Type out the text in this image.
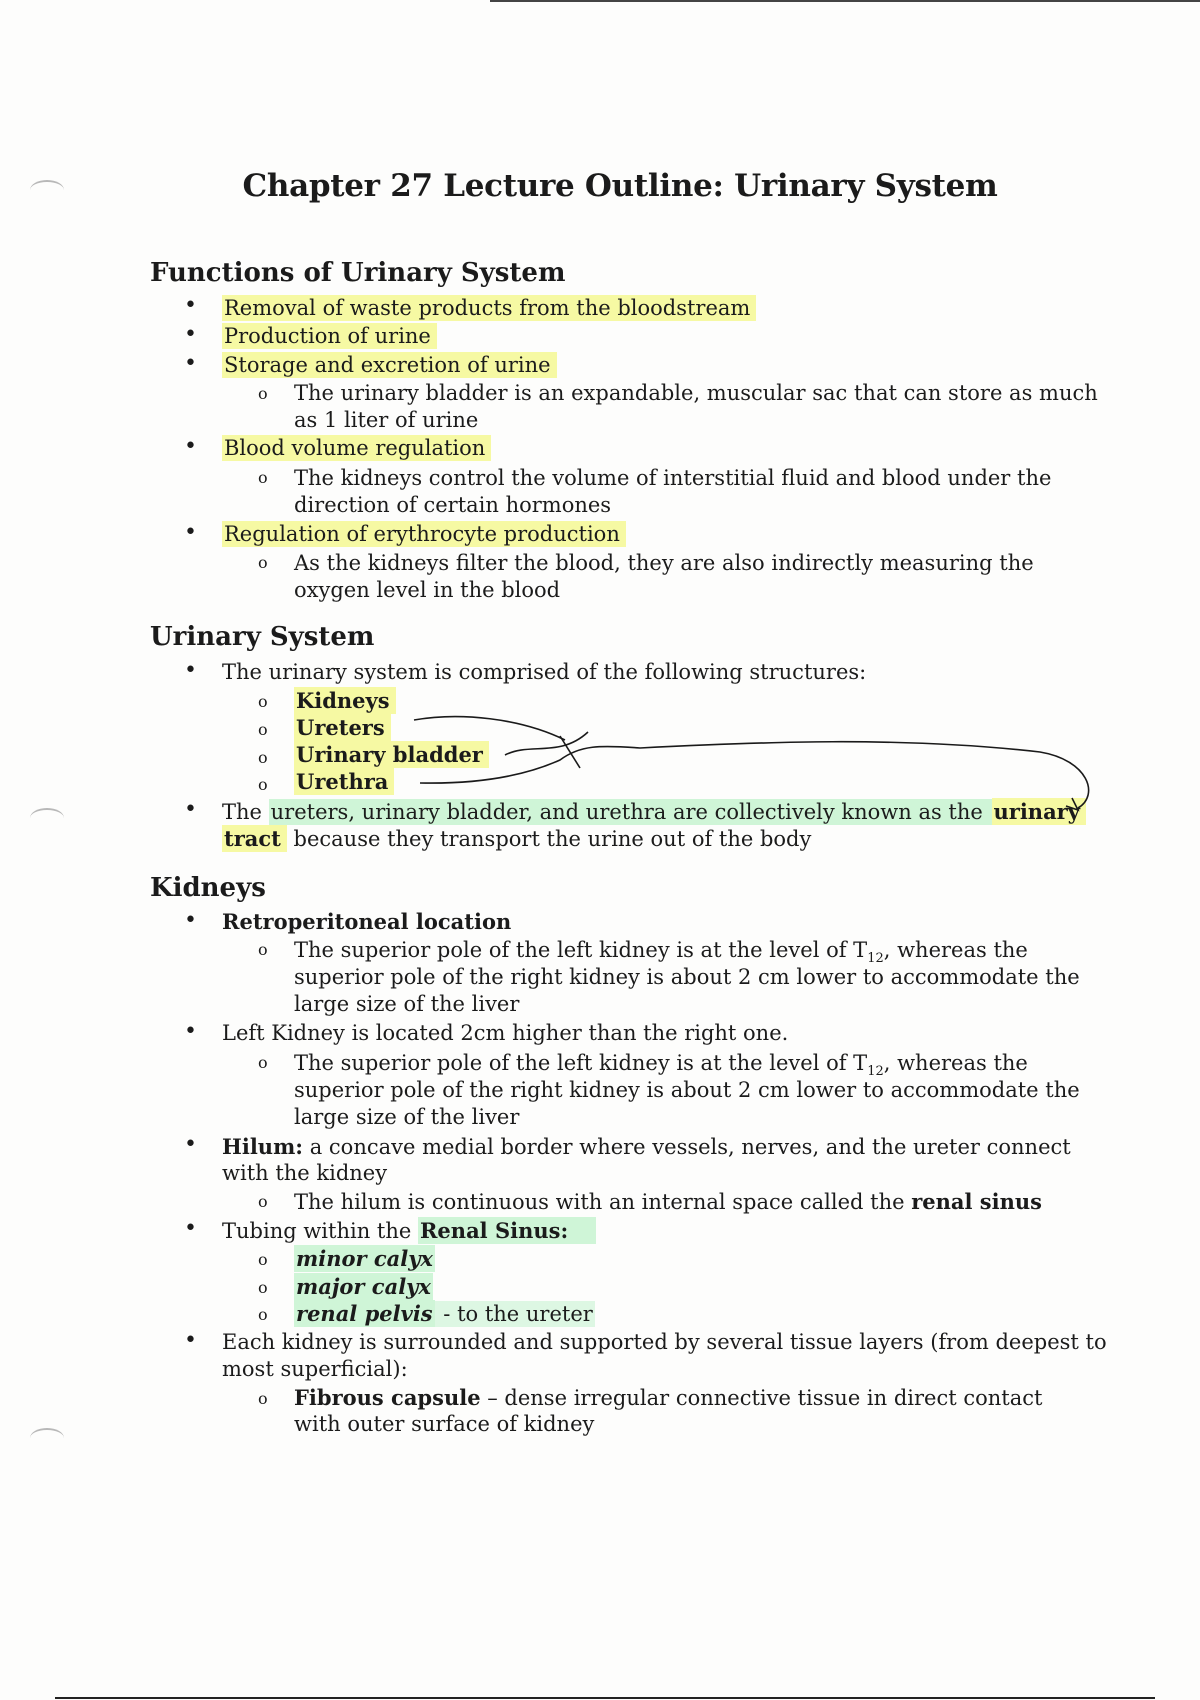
Chapter 27 Lecture Outline: Urinary System
Functions of Urinary System
• Removal of waste products from the bloodstream
• Production of urine
• Storage and excretion of urine
o The urinary bladder is an expandable, muscular sac that can store as much
as 1 liter of urine
• Blood volume regulation
o The kidneys control the volume of interstitial fluid and blood under the
direction of certain hormones
• Regulation of erythrocyte production
o As the kidneys filter the blood, they are also indirectly measuring the
oxygen level in the blood
Urinary System
• The urinary system is comprised of the following structures:
o Kidneys
o Ureters
o Urinary bladder
o Urethra
• The ureters, urinary bladder, and urethra are collectively known as the urinary
tract because they transport the urine out of the body
Kidneys
• Retroperitoneal location
o The superior pole of the left kidney is at the level of $T_{12}$, whereas the
superior pole of the right kidney is about 2 cm lower to accommodate the
large size of the liver
• Left Kidney is located 2cm higher than the right one.
o The superior pole of the left kidney is at the level of $T_{12}$, whereas the
superior pole of the right kidney is about 2 cm lower to accommodate the
large size of the liver
• Hilum: a concave medial border where vessels, nerves, and the ureter connect
with the kidney
o The hilum is continuous with an internal space called the renal sinus
• Tubing within the Renal Sinus:
o minor calyx
o major calyx
o renal pelvis - to the ureter
• Each kidney is surrounded and supported by several tissue layers (from deepest to
most superficial):
o Fibrous capsule – dense irregular connective tissue in direct contact
with outer surface of kidney
